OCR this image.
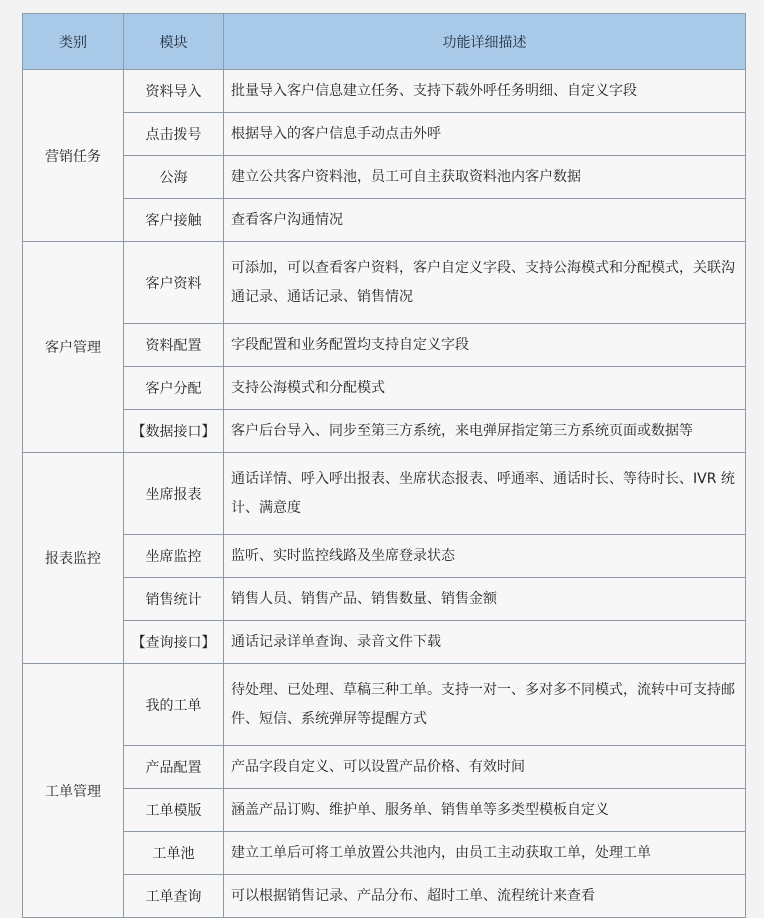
类别	模块	功能详细描述
营销任务	资料导入	批量导入客户信息建立任务、支持下载外呼任务明细、自定义字段
	点击拨号	根据导入的客户信息手动点击外呼
	公海	建立公共客户资料池，员工可自主获取资料池内客户数据
	客户接触	查看客户沟通情况
客户管理	客户资料	可添加，可以查看客户资料，客户自定义字段、支持公海模式和分配模式，关联沟通记录、通话记录、销售情况
	资料配置	字段配置和业务配置均支持自定义字段
	客户分配	支持公海模式和分配模式
	【数据接口】	客户后台导入、同步至第三方系统，来电弹屏指定第三方系统页面或数据等
报表监控	坐席报表	通话详情、呼入呼出报表、坐席状态报表、呼通率、通话时长、等待时长、IVR 统计、满意度
	坐席监控	监听、实时监控线路及坐席登录状态
	销售统计	销售人员、销售产品、销售数量、销售金额
	【查询接口】	通话记录详单查询、录音文件下载
工单管理	我的工单	待处理、已处理、草稿三种工单。支持一对一、多对多不同模式，流转中可支持邮件、短信、系统弹屏等提醒方式
	产品配置	产品字段自定义、可以设置产品价格、有效时间
	工单模版	涵盖产品订购、维护单、服务单、销售单等多类型模板自定义
	工单池	建立工单后可将工单放置公共池内，由员工主动获取工单，处理工单
	工单查询	可以根据销售记录、产品分布、超时工单、流程统计来查看
